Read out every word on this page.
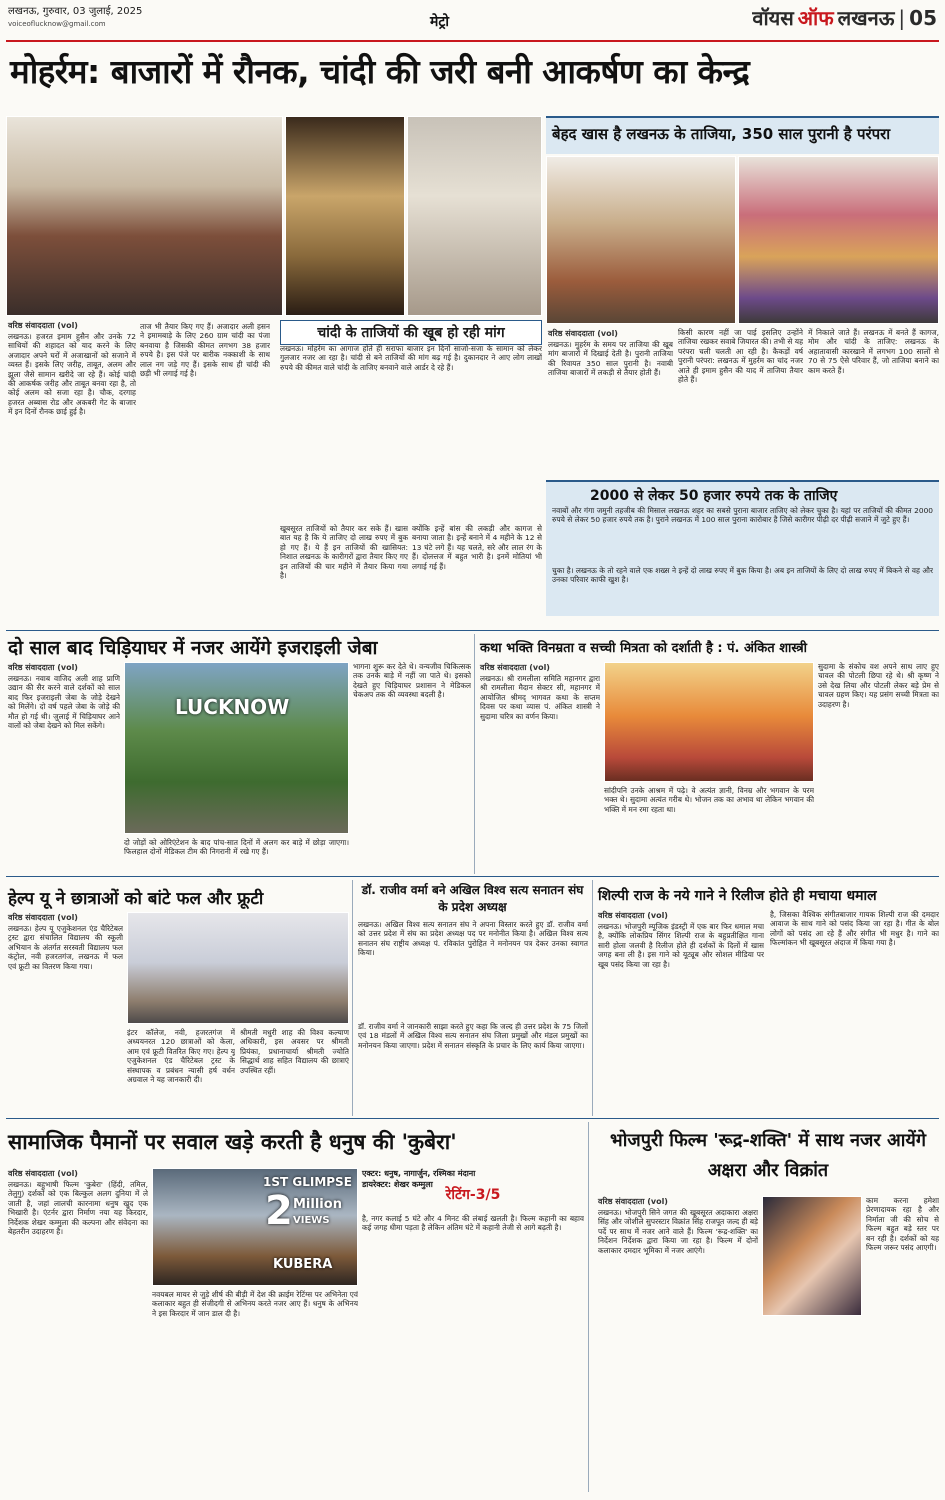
लखनऊ, गुरुवार, 03 जुलाई, 2025
voiceoflucknow@gmail.com	मेट्रो	वॉयस ऑफ लखनऊ | 05
मोहर्रम: बाजारों में रौनक, चांदी की जरी बनी आकर्षण का केन्द्र
वरिष्ठ संवाददाता (vol)
लखनऊ। हजरत इमाम हुसैन और उनके 72 साथियों की शहादत को याद करने के लिए अजादार अपने घरों में अजाखानों को सजाने में व्यस्त हैं। इसके लिए जरीह, ताबूत, अलम और झूला जैसे सामान खरीदे जा रहे हैं। कोई चांदी की आकर्षक जरीह और ताबूत बनवा रहा है, तो कोई अलम को सजा रहा है। चौक, दरगाह हजरत अब्बास रोड और अकबरी गेट के बाजार में इन दिनों रौनक छाई हुई है।
ताज भी तैयार किए गए हैं। अजादार अली हसन ने इमामबाड़े के लिए 260 ग्राम चांदी का पंजा बनवाया है जिसकी कीमत लगभग 38 हजार रुपये है। इस पंजे पर बारीक नक्काशी के साथ लाल नग जड़े गए हैं। इसके साथ ही चांदी की छड़ी भी लगाई गई है।
चांदी के ताजियों की खूब हो रही मांग
लखनऊ। मोहर्रम का आगाज होते ही सराफा बाजार इन दिनों साजो-सजा के सामान को लेकर गुलजार नजर आ रहा है। चांदी से बने ताजियों की मांग बढ़ गई है। दुकानदार ने आए लोग लाखों रुपये की कीमत वाले चांदी के ताजिए बनवाने वाले आर्डर दे रहे हैं।
खूबसूरत ताजियों को तैयार कर सके हैं। खास बात यह है कि ये ताजिए दो लाख रुपए में बुक हो गए हैं। ये हैं इन ताजियों की खासियत: निशात लखनऊ के कारीगरों द्वारा तैयार किए गए इन ताजियों की चार महीने में तैयार किया गया है।
क्योंकि इन्हें बांस की लकड़ी और कागज से बनाया जाता है। इन्हें बनाने में 4 महीने के 12 से 13 घंटे लगे हैं। यह चलते, सरे और लाल रंग के हैं। दोलत्तज में बहुत भारी है। इनमें मोतियां भी लगाई गई हैं।
बेहद खास है लखनऊ के ताजिया, 350 साल पुरानी है परंपरा
वरिष्ठ संवाददाता (vol)
लखनऊ। मुहर्रम के समय पर ताजिया की खूब मांग बाजारों में दिखाई देती है। पुरानी ताजिया की रिवायत 350 साल पुरानी है। नवाबी ताजिया बाजारों में लकड़ी से तैयार होती हैं।
किसी कारण नहीं जा पाई इसलिए उन्होंने ताजिया रखकर सवाबे जियारत की। तभी से यह परंपरा चली चलती आ रही है। कैकड़ों वर्ष पुरानी परंपरा: लखनऊ में मुहर्रम का चांद नजर आते ही इमाम हुसैन की याद में ताजिया तैयार होते हैं।
में निकाले जाते हैं। लखनऊ में बनते हैं कागज, मोम और चांदी के ताजिए: लखनऊ के अहातावासी कारखाने में लगभग 100 सालों से 70 से 75 ऐसे परिवार हैं, जो ताजिया बनाने का काम करते हैं।
2000 से लेकर 50 हजार रुपये तक के ताजिए
नवाबों और गंगा जमुनी तहजीब की मिसाल लखनऊ शहर का सबसे पुराना बाजार ताजिए को लेकर चुका है। यहां पर ताजियों की कीमत 2000 रुपये से लेकर 50 हजार रुपये तक है। पुराने लखनऊ में 100 साल पुराना कारोबार है जिसे कारीगर पीढ़ी दर पीढ़ी सजाने में जुटे हुए हैं।
चुका है। लखनऊ के तो रहने वाले एक शख्स ने इन्हें दो लाख रुपए में बुक किया है। अब इन ताजियों के लिए दो लाख रुपए में बिकने से वह और उनका परिवार काफी खुश है।
दो साल बाद चिड़ियाघर में नजर आयेंगे इजराइली जेबा
वरिष्ठ संवाददाता (vol)
लखनऊ। नवाब वाजिद अली शाह प्राणि उद्यान की सैर करने वाले दर्शकों को साल बाद फिर इजराइली जेबा के जोड़े देखने को मिलेंगे। दो वर्ष पहले जेबा के जोड़े की मौत हो गई थी। जुलाई में चिड़ियाघर आने वालों को जेबा देखने को मिल सकेंगे।
LUCKNOW
दो जोड़ों को ओरिएंटेशन के बाद पांच-सात दिनों में अलग कर बाड़े में छोड़ा जाएगा। फिलहाल दोनों मेडिकल टीम की निगरानी में रखे गए हैं।
भागना शुरू कर देते थे। वन्यजीव चिकित्सक तक उनके बाड़े में नहीं जा पाते थे। इसको देखते हुए चिड़ियाघर प्रशासन ने मेडिकल चेकअप तक की व्यवस्था बदली है।
कथा भक्ति विनम्रता व सच्ची मित्रता को दर्शाती है : पं. अंकित शास्त्री
वरिष्ठ संवाददाता (vol)
लखनऊ। श्री रामलीला समिति महानगर द्वारा श्री रामलीला मैदान सेक्टर सी, महानगर में आयोजित श्रीमद् भागवत कथा के सप्तम दिवस पर कथा व्यास पं. अंकित शास्त्री ने सुदामा चरित्र का वर्णन किया।
सांदीपनि उनके आश्रम में पढ़े। वे अत्यंत ज्ञानी, विनम्र और भगवान के परम भक्त थे। सुदामा अत्यंत गरीब थे। भोजन तक का अभाव था लेकिन भगवान की भक्ति में मन रमा रहता था।
सुदामा के संकोच वश अपने साथ लाए हुए चावल की पोटली छिपा रहे थे। श्री कृष्ण ने उसे देख लिया और पोटली लेकर बड़े प्रेम से चावल ग्रहण किए। यह प्रसंग सच्ची मित्रता का उदाहरण है।
हेल्प यू ने छात्राओं को बांटे फल और फ्रूटी
वरिष्ठ संवाददाता (vol)
लखनऊ। हेल्प यू एजुकेशनल एंड चैरिटेबल ट्रस्ट द्वारा संचालित विद्यालय की स्कूली अभियान के अंतर्गत सरस्वती विद्यालय फल कंट्रोल, नवी हजरतगंज, लखनऊ में फल एवं फ्रूटी का वितरण किया गया।
इंटर कॉलेज, नवी, हजरतगंज में अध्ययनरत 120 छात्राओं को केला, आम एवं फ्रूटी वितरित किए गए। हेल्प यू एजुकेशनल एंड चैरिटेबल ट्रस्ट के संस्थापक व प्रबंधन न्यासी हर्ष वर्धन अग्रवाल ने यह जानकारी दी।
श्रीमती मधुरी शाह की विश्व कल्याण अधिकारी, इस अवसर पर श्रीमती प्रियंका, प्रधानाचार्या श्रीमती ज्योति सिद्धार्थ शाह सहित विद्यालय की छात्राएं उपस्थित रहीं।
डॉ. राजीव वर्मा बने अखिल विश्व सत्य सनातन संघ के प्रदेश अध्यक्ष
लखनऊ। अखिल विश्व सत्य सनातन संघ ने अपना विस्तार करते हुए डॉ. राजीव वर्मा को उत्तर प्रदेश में संघ का प्रदेश अध्यक्ष पद पर मनोनीत किया है। अखिल विश्व सत्य सनातन संघ राष्ट्रीय अध्यक्ष पं. रविकांत पुरोहित ने मनोनयन पत्र देकर उनका स्वागत किया।
डॉ. राजीव वर्मा ने जानकारी साझा करते हुए कहा कि जल्द ही उत्तर प्रदेश के 75 जिलों एवं 18 मंडलों में अखिल विश्व सत्य सनातन संघ जिला प्रमुखों और मंडल प्रमुखों का मनोनयन किया जाएगा। प्रदेश में सनातन संस्कृति के प्रचार के लिए कार्य किया जाएगा।
शिल्पी राज के नये गाने ने रिलीज होते ही मचाया धमाल
वरिष्ठ संवाददाता (vol)
लखनऊ। भोजपुरी म्यूजिक इंडस्ट्री में एक बार फिर धमाल मचा है, क्योंकि लोकप्रिय सिंगर शिल्पी राज के बहुप्रतीक्षित गाना सारी होला जलवी है रिलीज होते ही दर्शकों के दिलों में खास जगह बना ली है। इस गाने को यूट्यूब और सोशल मीडिया पर खूब पसंद किया जा रहा है।
है, जिसका वैश्विक संगीतबाजार गायक शिल्पी राज की दमदार आवाज के साथ गाने को पसंद किया जा रहा है। गीत के बोल लोगों को पसंद आ रहे हैं और संगीत भी मधुर है। गाने का फिल्मांकन भी खूबसूरत अंदाज में किया गया है।
सामाजिक पैमानों पर सवाल खड़े करती है धनुष की 'कुबेरा'
वरिष्ठ संवाददाता (vol)
लखनऊ। बहुभाषी फिल्म 'कुबेरा' (हिंदी, तमिल, तेलुगु) दर्शकों को एक बिल्कुल अलग दुनिया में ले जाती है, जहां लालची कारनामा धनुष खुद एक भिखारी है। एंटर्नर द्वारा निर्माण नया यह किरदार, निर्देशक शेखर कम्मुला की कल्पना और संवेदना का बेहतरीन उदाहरण है।
1ST GLIMPSE
2 Million
VIEWS
KUBERA
नवयबल मायर से जुड़े शीर्ष की बीड़ी में देश की क्राईम रेटिंग्स पर अभिनेता एवं कलाकार बहुत ही संजीदगी से अभिनय करते नजर आए हैं। धनुष के अभिनय ने इस किरदार में जान डाल दी है।
एक्टर: धनुष, नागार्जुन, रश्मिका मंदाना
डायरेक्टर: शेखर कम्मुला
रेटिंग-3/5
है, नगर कलाई 5 घंटे और 4 मिनट की लंबाई खलती है। फिल्म कहानी का बहाव कई जगह धीमा पड़ता है लेकिन अंतिम घंटे में कहानी तेजी से आगे बढ़ती है।
भोजपुरी फिल्म 'रूद्र-शक्ति' में साथ नजर आयेंगे अक्षरा और विक्रांत
वरिष्ठ संवाददाता (vol)
लखनऊ। भोजपुरी सिने जगत की खूबसूरत अदाकारा अक्षरा सिंह और जोशीले सुपरस्टार विक्रांत सिंह राजपूत जल्द ही बड़े पर्दे पर साथ में नजर आने वाले हैं। फिल्म 'रूद्र-शक्ति' का निर्देशन निर्देशक द्वारा किया जा रहा है। फिल्म में दोनों कलाकार दमदार भूमिका में नजर आएंगे।
काम करना हमेशा प्रेरणादायक रहा है और निर्माता जी की सोच से फिल्म बहुत बड़े स्तर पर बन रही है। दर्शकों को यह फिल्म जरूर पसंद आएगी।
